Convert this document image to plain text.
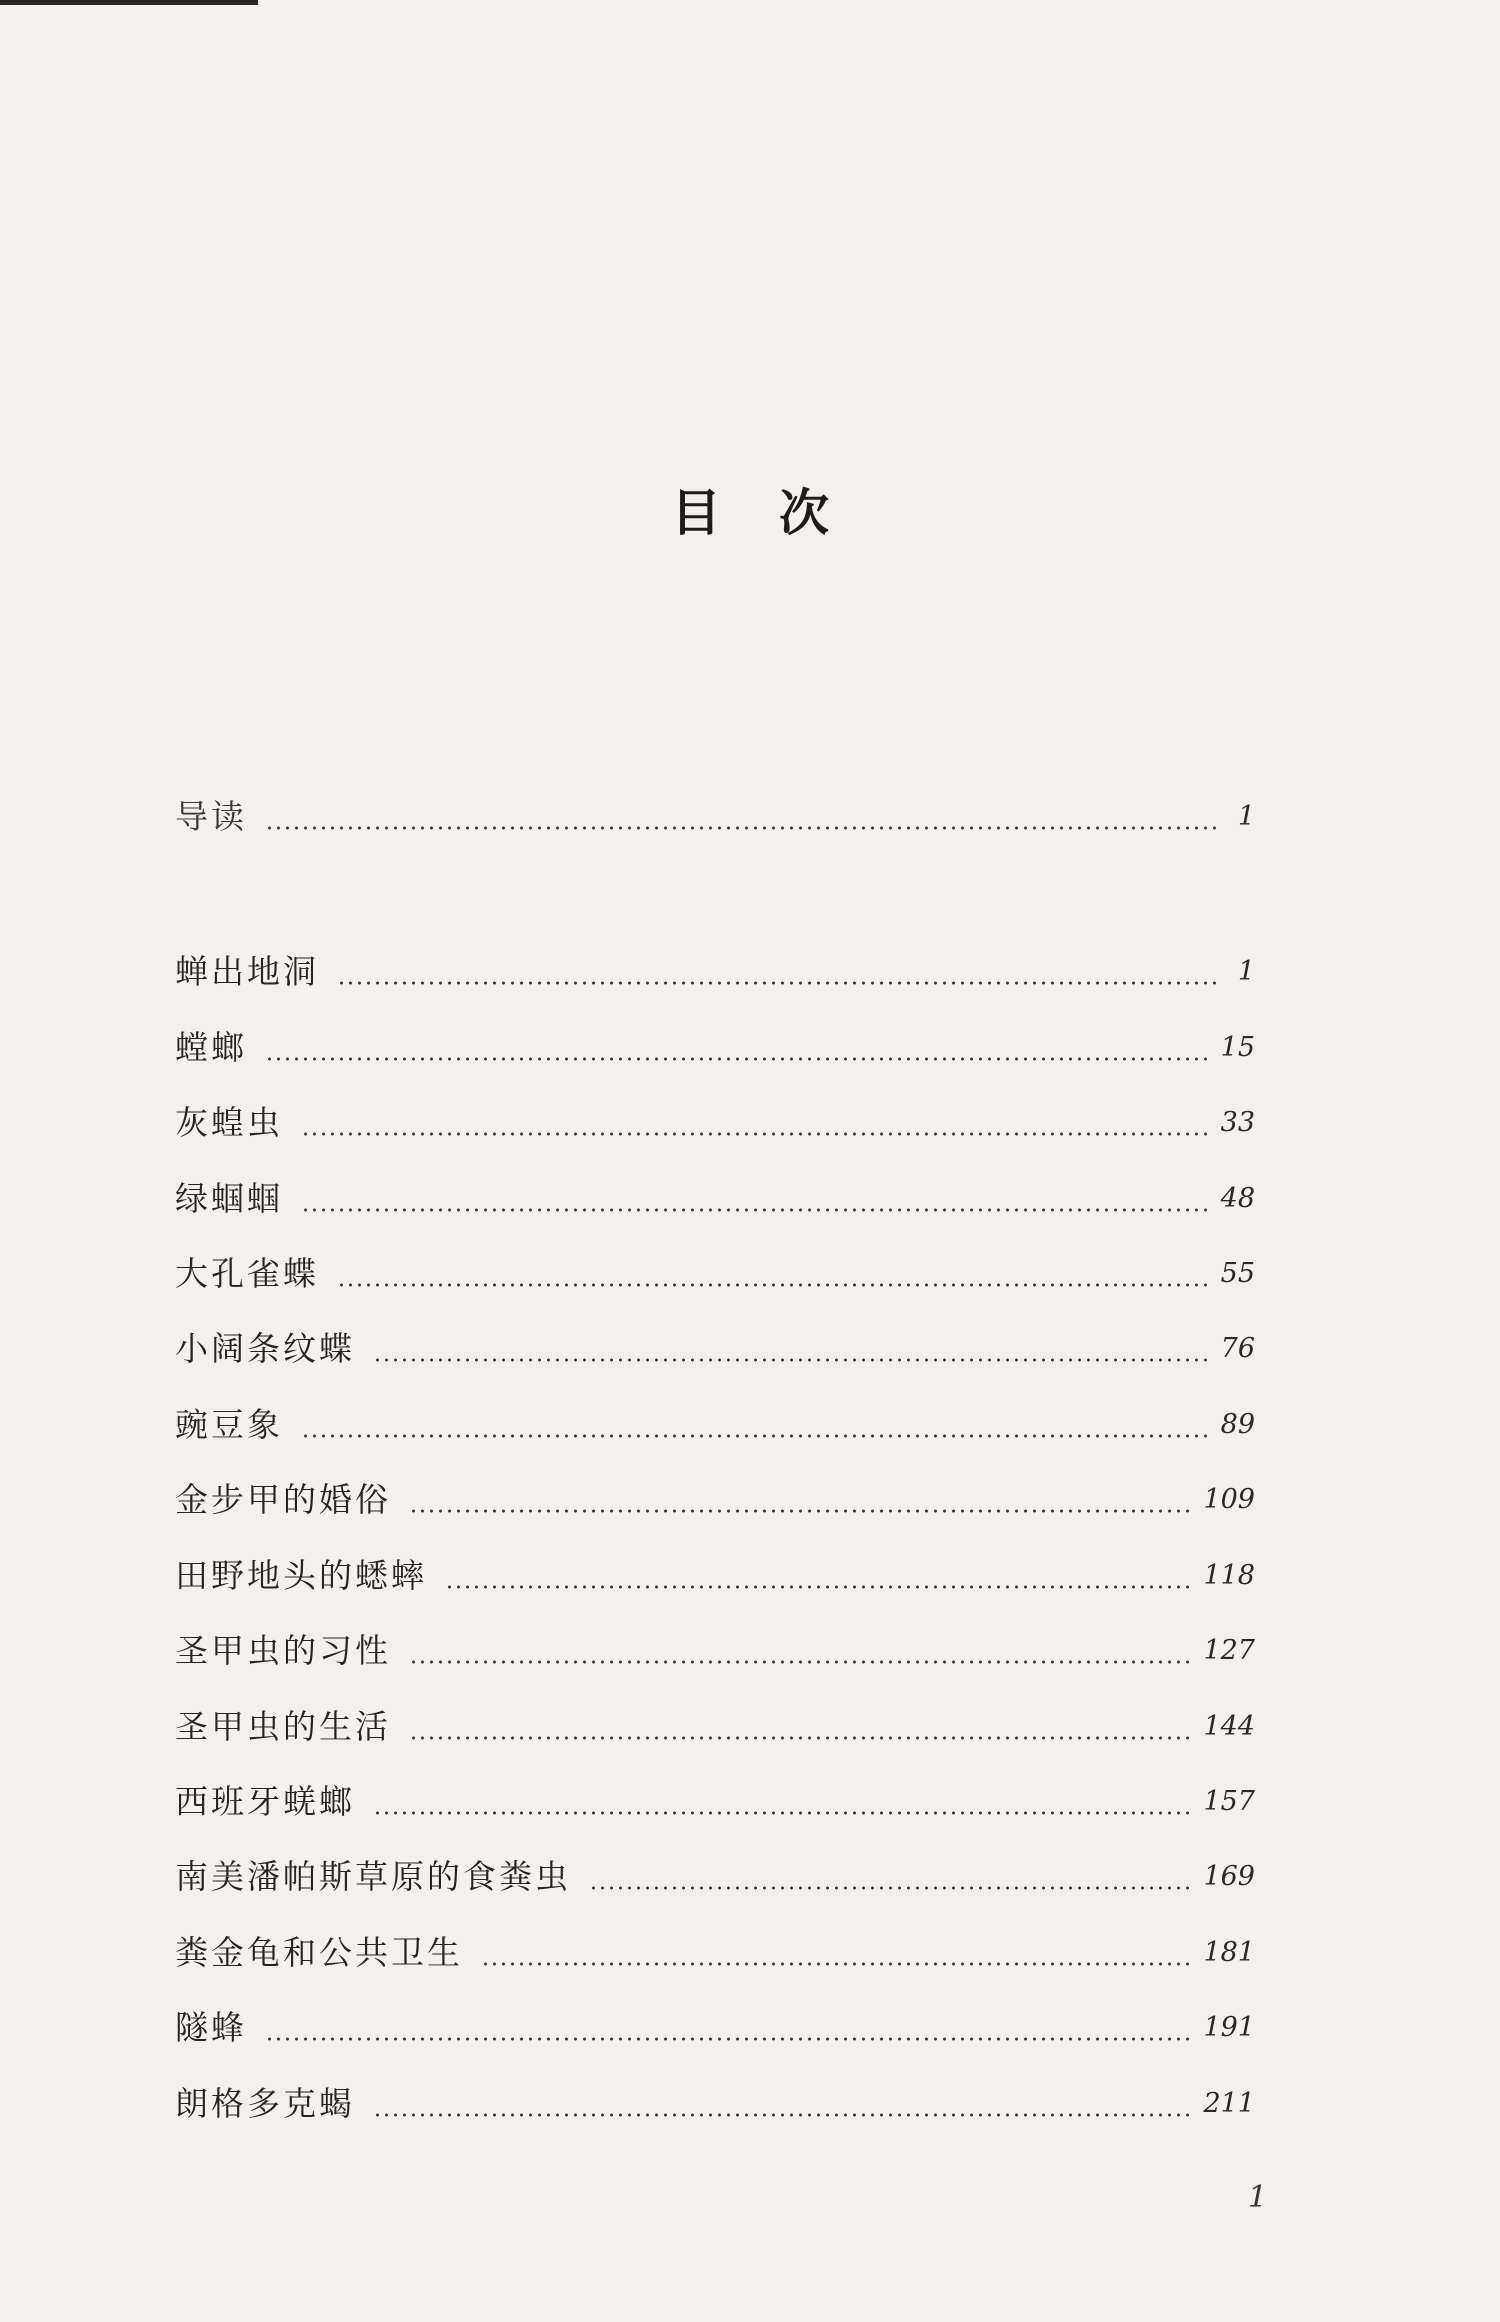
目次
导读	1
蝉出地洞	1
螳螂	15
灰蝗虫	33
绿蝈蝈	48
大孔雀蝶	55
小阔条纹蝶	76
豌豆象	89
金步甲的婚俗	109
田野地头的蟋蟀	118
圣甲虫的习性	127
圣甲虫的生活	144
西班牙蜣螂	157
南美潘帕斯草原的食粪虫	169
粪金龟和公共卫生	181
隧蜂	191
朗格多克蝎	211
1
